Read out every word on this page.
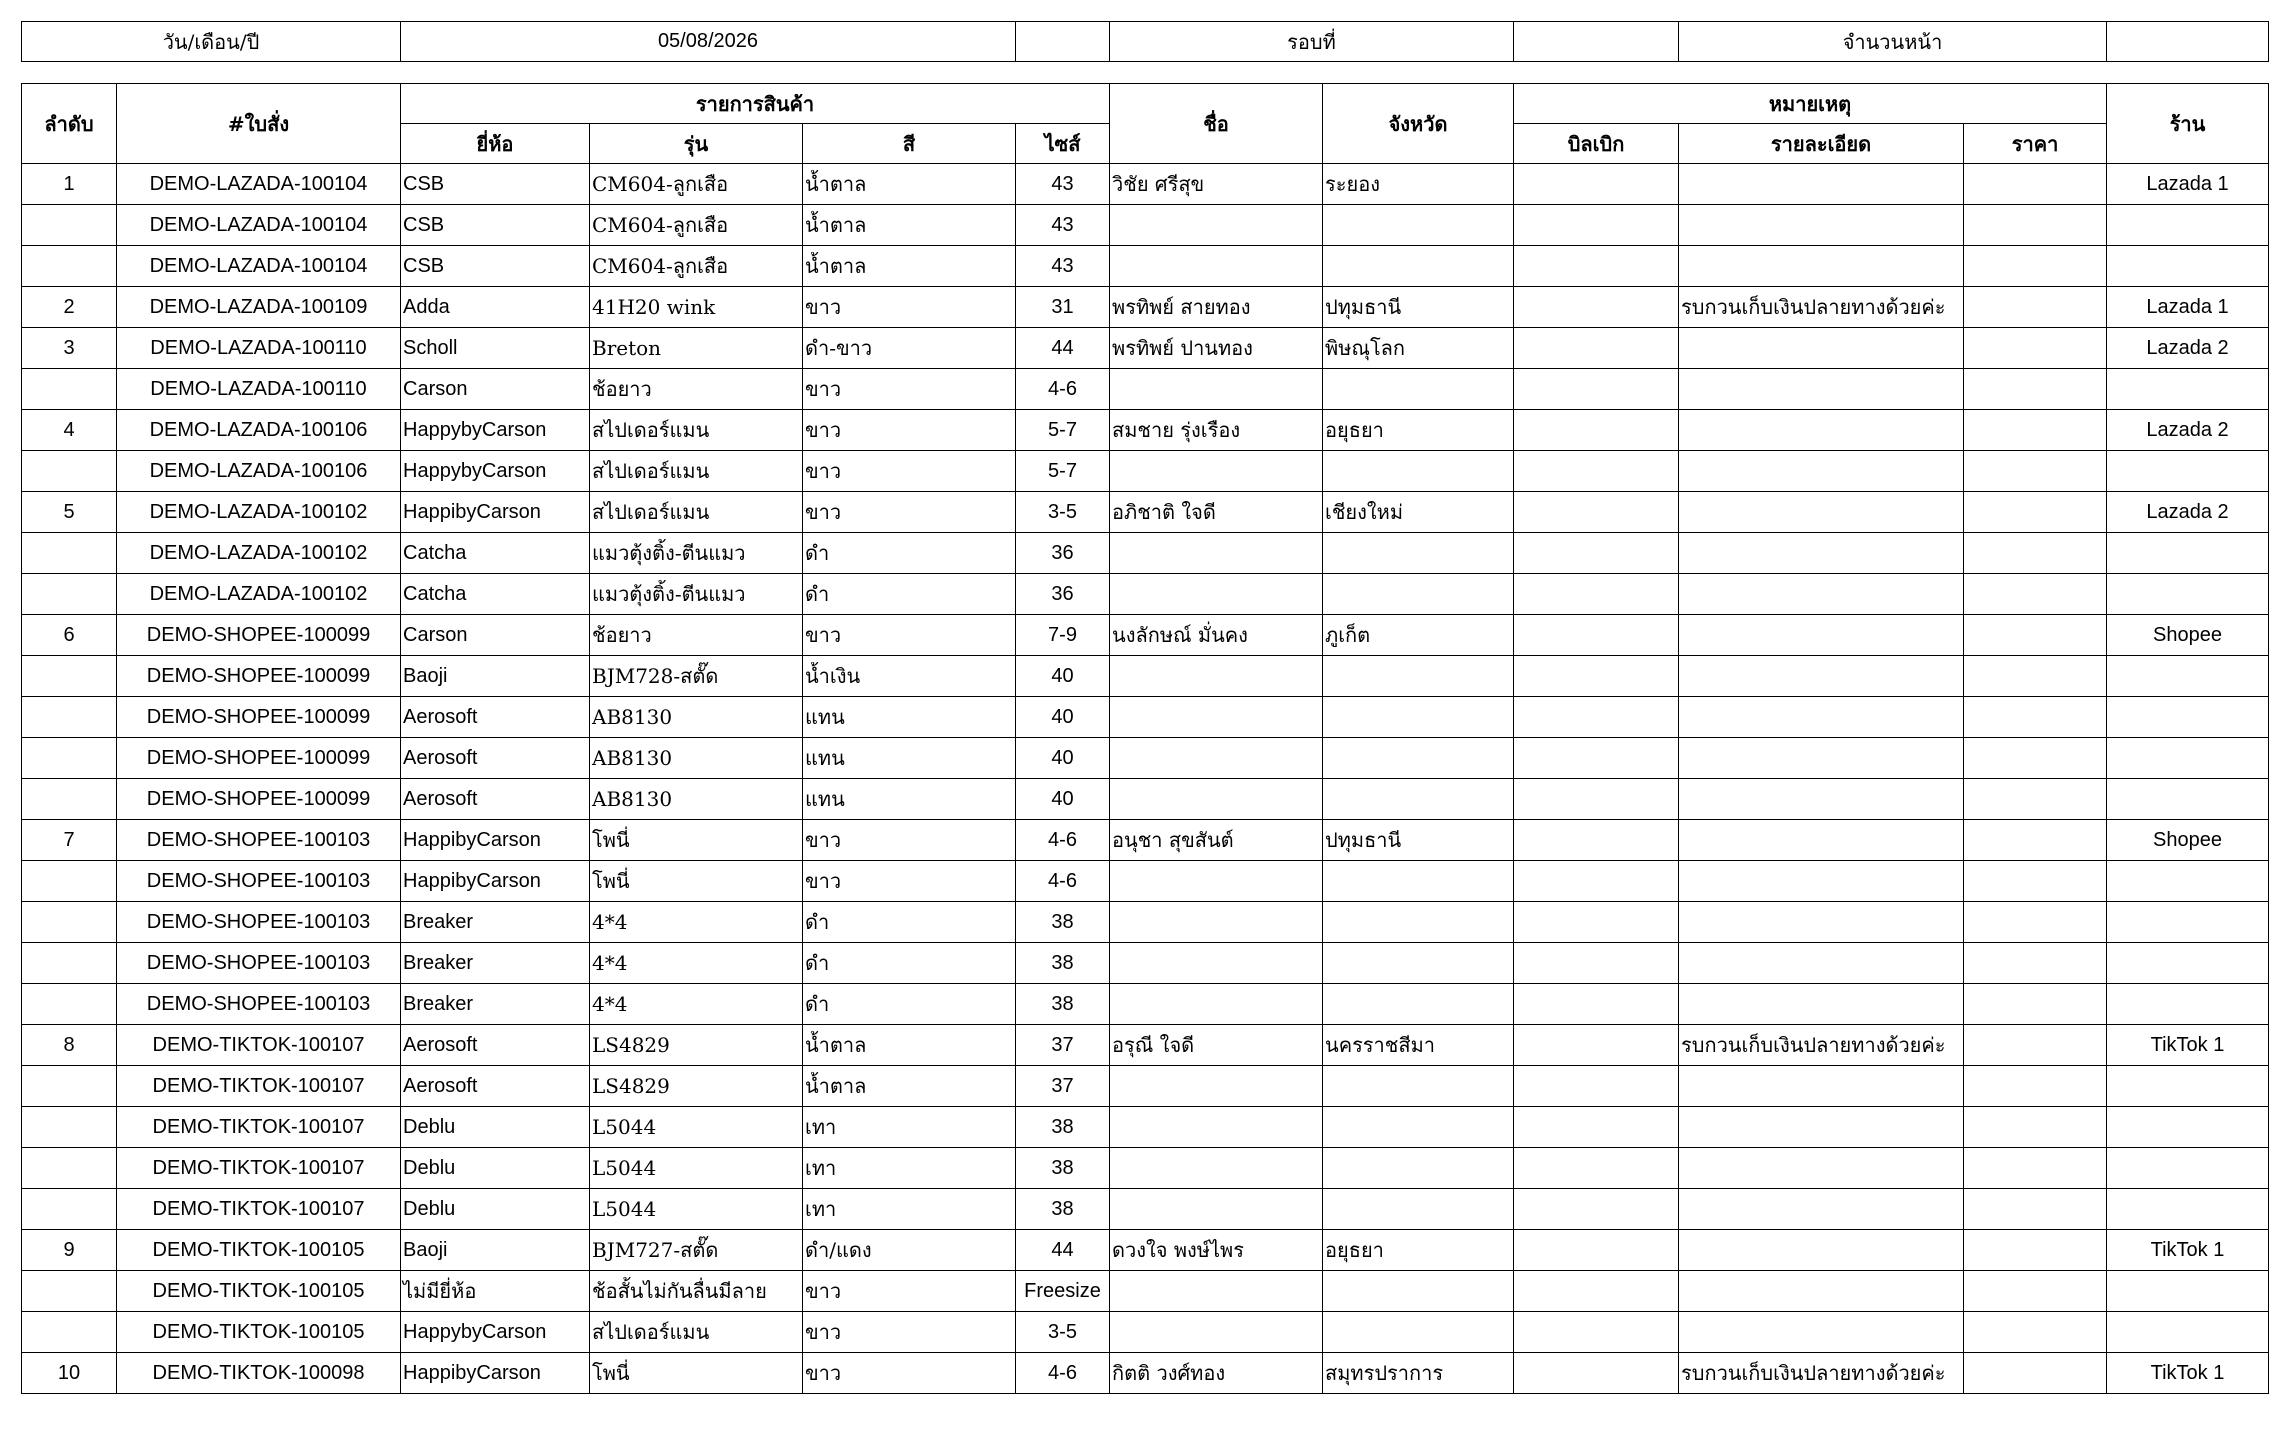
วัน/เดือน/ปี	05/08/2026		รอบที่		จำนวนหน้า	
ลำดับ	#ใบสั่ง	รายการสินค้า				ชื่อ	จังหวัด	หมายเหตุ			ร้าน
		ยี่ห้อ	รุ่น	สี	ไซส์			บิลเบิก	รายละเอียด	ราคา	
1	DEMO-LAZADA-100104	CSB	CM604-ลูกเสือ	น้ำตาล	43	วิชัย ศรีสุข	ระยอง				Lazada 1
	DEMO-LAZADA-100104	CSB	CM604-ลูกเสือ	น้ำตาล	43						
	DEMO-LAZADA-100104	CSB	CM604-ลูกเสือ	น้ำตาล	43						
2	DEMO-LAZADA-100109	Adda	41H20 wink	ขาว	31	พรทิพย์ สายทอง	ปทุมธานี		รบกวนเก็บเงินปลายทางด้วยค่ะ		Lazada 1
3	DEMO-LAZADA-100110	Scholl	Breton	ดำ-ขาว	44	พรทิพย์ ปานทอง	พิษณุโลก				Lazada 2
	DEMO-LAZADA-100110	Carson	ช้อยาว	ขาว	4-6						
4	DEMO-LAZADA-100106	HappybyCarson	สไปเดอร์แมน	ขาว	5-7	สมชาย รุ่งเรือง	อยุธยา				Lazada 2
	DEMO-LAZADA-100106	HappybyCarson	สไปเดอร์แมน	ขาว	5-7						
5	DEMO-LAZADA-100102	HappibyCarson	สไปเดอร์แมน	ขาว	3-5	อภิชาติ ใจดี	เชียงใหม่				Lazada 2
	DEMO-LAZADA-100102	Catcha	แมวตุ้งติ้ง-ตีนแมว	ดำ	36						
	DEMO-LAZADA-100102	Catcha	แมวตุ้งติ้ง-ตีนแมว	ดำ	36						
6	DEMO-SHOPEE-100099	Carson	ช้อยาว	ขาว	7-9	นงลักษณ์ มั่นคง	ภูเก็ต				Shopee
	DEMO-SHOPEE-100099	Baoji	BJM728-สตั๊ด	น้ำเงิน	40						
	DEMO-SHOPEE-100099	Aerosoft	AB8130	แทน	40						
	DEMO-SHOPEE-100099	Aerosoft	AB8130	แทน	40						
	DEMO-SHOPEE-100099	Aerosoft	AB8130	แทน	40						
7	DEMO-SHOPEE-100103	HappibyCarson	โพนี่	ขาว	4-6	อนุชา สุขสันต์	ปทุมธานี				Shopee
	DEMO-SHOPEE-100103	HappibyCarson	โพนี่	ขาว	4-6						
	DEMO-SHOPEE-100103	Breaker	4*4	ดำ	38						
	DEMO-SHOPEE-100103	Breaker	4*4	ดำ	38						
	DEMO-SHOPEE-100103	Breaker	4*4	ดำ	38						
8	DEMO-TIKTOK-100107	Aerosoft	LS4829	น้ำตาล	37	อรุณี ใจดี	นครราชสีมา		รบกวนเก็บเงินปลายทางด้วยค่ะ		TikTok 1
	DEMO-TIKTOK-100107	Aerosoft	LS4829	น้ำตาล	37						
	DEMO-TIKTOK-100107	Deblu	L5044	เทา	38						
	DEMO-TIKTOK-100107	Deblu	L5044	เทา	38						
	DEMO-TIKTOK-100107	Deblu	L5044	เทา	38						
9	DEMO-TIKTOK-100105	Baoji	BJM727-สตั๊ด	ดำ/แดง	44	ดวงใจ พงษ์ไพร	อยุธยา				TikTok 1
	DEMO-TIKTOK-100105	ไม่มียี่ห้อ	ช้อสั้นไม่กันลื่นมีลาย	ขาว	Freesize						
	DEMO-TIKTOK-100105	HappybyCarson	สไปเดอร์แมน	ขาว	3-5						
10	DEMO-TIKTOK-100098	HappibyCarson	โพนี่	ขาว	4-6	กิตติ วงศ์ทอง	สมุทรปราการ		รบกวนเก็บเงินปลายทางด้วยค่ะ		TikTok 1
